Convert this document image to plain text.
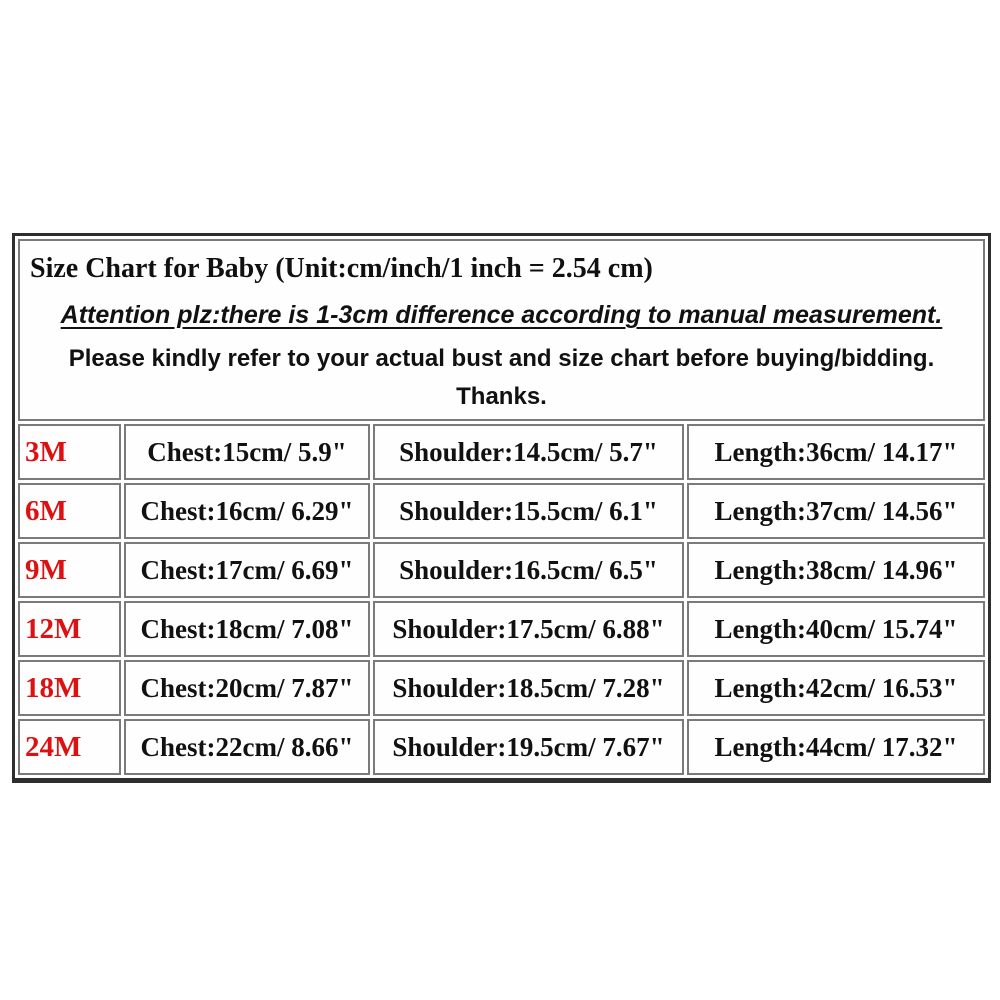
Size Chart for Baby (Unit:cm/inch/1 inch = 2.54 cm)
Attention plz:there is 1-3cm difference according to manual measurement.
Please kindly refer to your actual bust and size chart before buying/bidding.
Thanks.			

3M	Chest:15cm/ 5.9"	Shoulder:14.5cm/ 5.7"	Length:36cm/ 14.17"
6M	Chest:16cm/ 6.29"	Shoulder:15.5cm/ 6.1"	Length:37cm/ 14.56"
9M	Chest:17cm/ 6.69"	Shoulder:16.5cm/ 6.5"	Length:38cm/ 14.96"
12M	Chest:18cm/ 7.08"	Shoulder:17.5cm/ 6.88"	Length:40cm/ 15.74"
18M	Chest:20cm/ 7.87"	Shoulder:18.5cm/ 7.28"	Length:42cm/ 16.53"
24M	Chest:22cm/ 8.66"	Shoulder:19.5cm/ 7.67"	Length:44cm/ 17.32"
